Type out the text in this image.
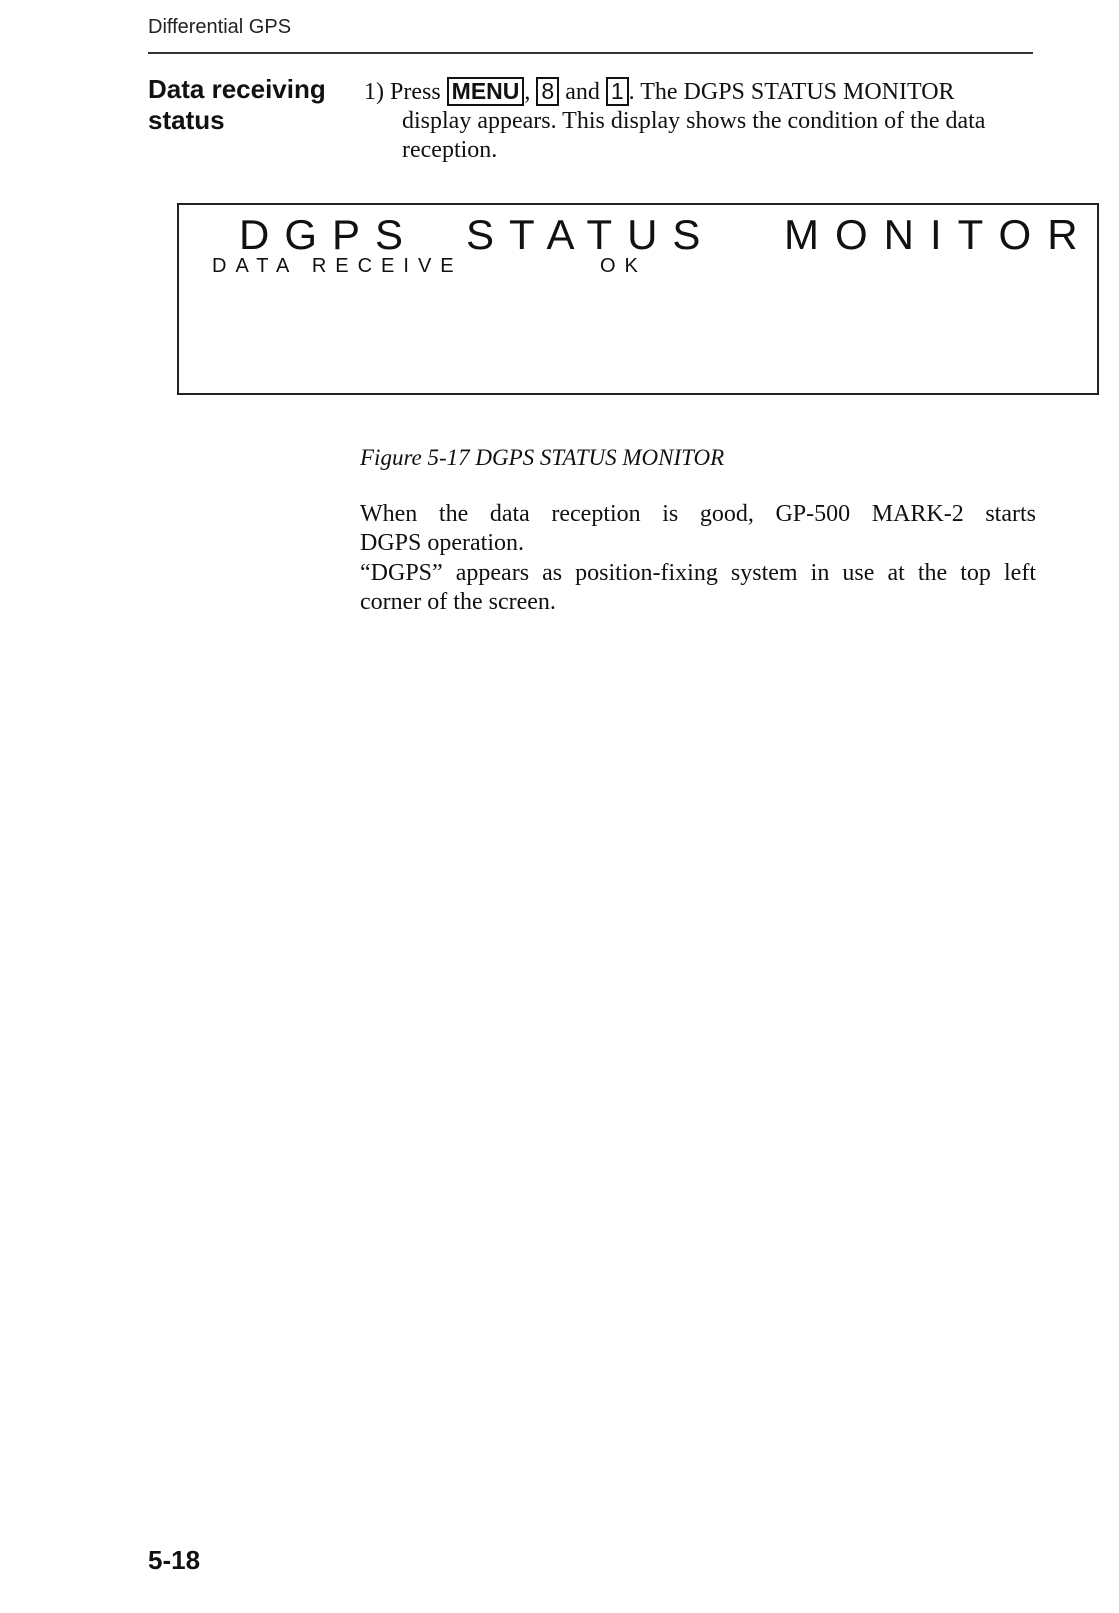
Differential GPS
Data receiving
status
1) Press MENU , 8 and 1 . The DGPS STATUS MONITOR
display appears. This display shows the condition of the data
reception.
DGPS STATUS MONITOR
DATA RECEIVE	OK
Figure 5-17 DGPS STATUS MONITOR
When the data reception is good, GP-500 MARK-2 starts
DGPS operation.
“DGPS” appears as position-fixing system in use at the top left
corner of the screen.
5-18
